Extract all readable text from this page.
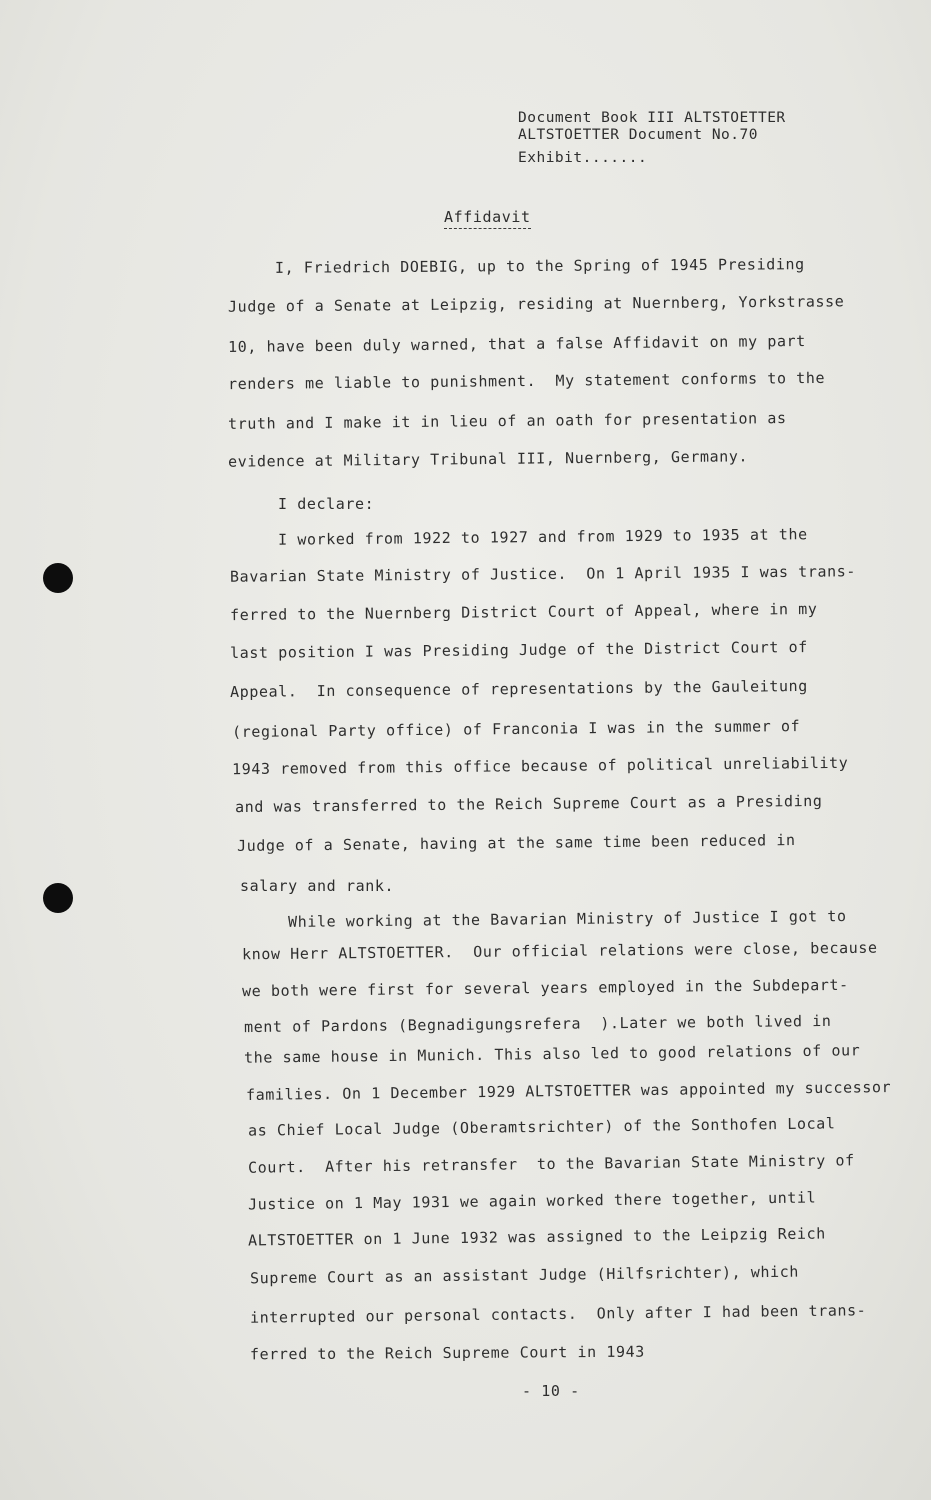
Document Book III ALTSTOETTER
ALTSTOETTER Document No.70
Exhibit.......
Affidavit
I, Friedrich DOEBIG, up to the Spring of 1945 Presiding
Judge of a Senate at Leipzig, residing at Nuernberg, Yorkstrasse
10, have been duly warned, that a false Affidavit on my part
renders me liable to punishment.  My statement conforms to the
truth and I make it in lieu of an oath for presentation as
evidence at Military Tribunal III, Nuernberg, Germany.
I declare:
I worked from 1922 to 1927 and from 1929 to 1935 at the
Bavarian State Ministry of Justice.  On 1 April 1935 I was trans-
ferred to the Nuernberg District Court of Appeal, where in my
last position I was Presiding Judge of the District Court of
Appeal.  In consequence of representations by the Gauleitung
(regional Party office) of Franconia I was in the summer of
1943 removed from this office because of political unreliability
and was transferred to the Reich Supreme Court as a Presiding
Judge of a Senate, having at the same time been reduced in
salary and rank.
While working at the Bavarian Ministry of Justice I got to
know Herr ALTSTOETTER.  Our official relations were close, because
we both were first for several years employed in the Subdepart-
ment of Pardons (Begnadigungsrefera  ).Later we both lived in
the same house in Munich. This also led to good relations of our
families. On 1 December 1929 ALTSTOETTER was appointed my successor
as Chief Local Judge (Oberamtsrichter) of the Sonthofen Local
Court.  After his retransfer  to the Bavarian State Ministry of
Justice on 1 May 1931 we again worked there together, until
ALTSTOETTER on 1 June 1932 was assigned to the Leipzig Reich
Supreme Court as an assistant Judge (Hilfsrichter), which
interrupted our personal contacts.  Only after I had been trans-
ferred to the Reich Supreme Court in 1943
- 10 -
